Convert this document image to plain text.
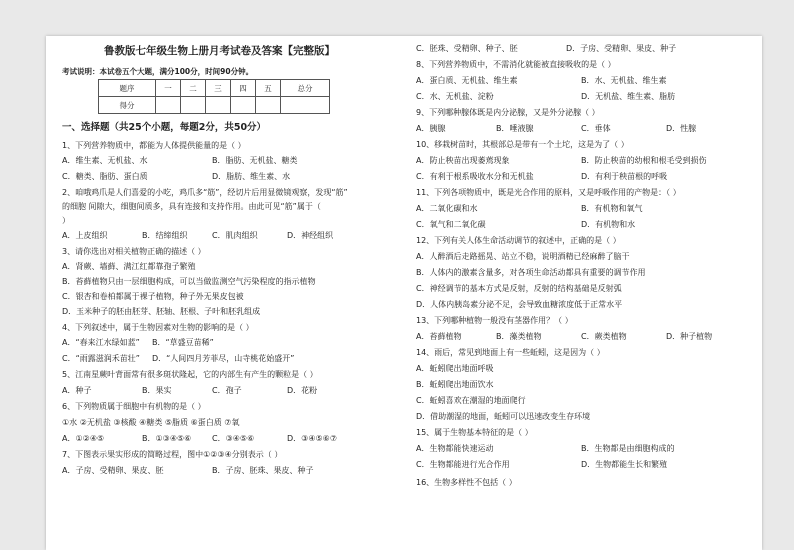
鲁教版七年级生物上册月考试卷及答案【完整版】
考试说明：本试卷五个大题，满分100分，时间90分钟。
题序	一	二	三	四	五	总分
得分						
一、选择题（共25个小题，每题2分，共50分）
1、下列营养物质中，都能为人体提供能量的是（ ）
A．维生素、无机盐、水	B．脂肪、无机盐、糖类
C．糖类、脂肪、蛋白质	D．脂肪、维生素、水
2、咱哦鸡爪是人们喜爱的小吃，鸡爪多“筋”，经切片后用显微镜观察，发现“筋”
的细胞 间隙大，细胞间质多，具有连接和支持作用。由此可见“筋”属于（
）
A．上皮组织	B．结缔组织	C．肌肉组织	D．神经组织
3、请你选出对相关植物正确的描述（ ）
A．肾蕨、墙藓、满江红都靠孢子繁殖
B．苔藓植物只由一层细胞构成，可以当做监测空气污染程度的指示植物
C．银杏和卷柏都属于裸子植物，种子外无果皮包被
D．玉米种子的胚由胚芽、胚轴、胚根、子叶和胚乳组成
4、下列叙述中，属于生物因素对生物的影响的是（ ）
A．“春来江水绿如蓝” B．“草盛豆苗稀”
C．“雨露滋润禾苗壮” D．“人间四月芳菲尽，山寺桃花始盛开”
5、江南星蕨叶背面常有很多斑状隆起，它的内部生有产生的颗粒是（ ）
A．种子	B．果实	C．孢子	D．花粉
6、下列物质属于细胞中有机物的是（ ）
①水 ②无机盐 ③核酸 ④糖类 ⑤脂质 ⑥蛋白质 ⑦氧
A．①②④⑤	B．①③④⑤⑥	C．③④⑤⑥	D．③④⑤⑥⑦
7、下图表示果实形成的简略过程，图中①②③④分别表示（ ）
A．子房、受精卵、果皮、胚	B．子房、胚珠、果皮、种子
C．胚珠、受精卵、种子、胚	D．子房、受精卵、果皮、种子
8、下列营养物质中，不需消化就能被直接吸收的是（ ）
A．蛋白质、无机盐、维生素	B．水、无机盐、维生素
C．水、无机盐、淀粉	D．无机盐、维生素、脂肪
9、下列哪种腺体既是内分泌腺，又是外分泌腺（ ）
A．胰腺	B．唾液腺	C．垂体	D．性腺
10、移栽树苗时，其根部总是带有一个土坨，这是为了（ ）
A．防止秧苗出现萎蔫现象	B．防止秧苗的幼根和根毛受到损伤
C．有利于根系吸收水分和无机盐	D．有利于秧苗根的呼吸
11、下列各项物质中，既是光合作用的原料，又是呼吸作用的产物是：（ ）
A．二氧化碳和水	B．有机物和氧气
C．氧气和二氧化碳	D．有机物和水
12、下列有关人体生命活动调节的叙述中，正确的是（ ）
A．人醉酒后走路摇晃、站立不稳，说明酒精已经麻醉了脑干
B．人体内的激素含量多，对各项生命活动都具有重要的调节作用
C．神经调节的基本方式是反射，反射的结构基础是反射弧
D．人体内胰岛素分泌不足，会导致血糖浓度低于正常水平
13、下列哪种植物一般没有茎器作用？（ ）
A．苔藓植物	B．藻类植物	C．蕨类植物	D．种子植物
14、雨后，常见到地面上有一些蚯蚓，这是因为（ ）
A．蚯蚓爬出地面呼吸
B．蚯蚓爬出地面饮水
C．蚯蚓喜欢在潮湿的地面爬行
D．借助潮湿的地面，蚯蚓可以迅速改变生存环境
15、属于生物基本特征的是（ ）
A．生物都能快速运动	B．生物都是由细胞构成的
C．生物都能进行光合作用	D．生物都能生长和繁殖
16、生物多样性不包括（ ）
